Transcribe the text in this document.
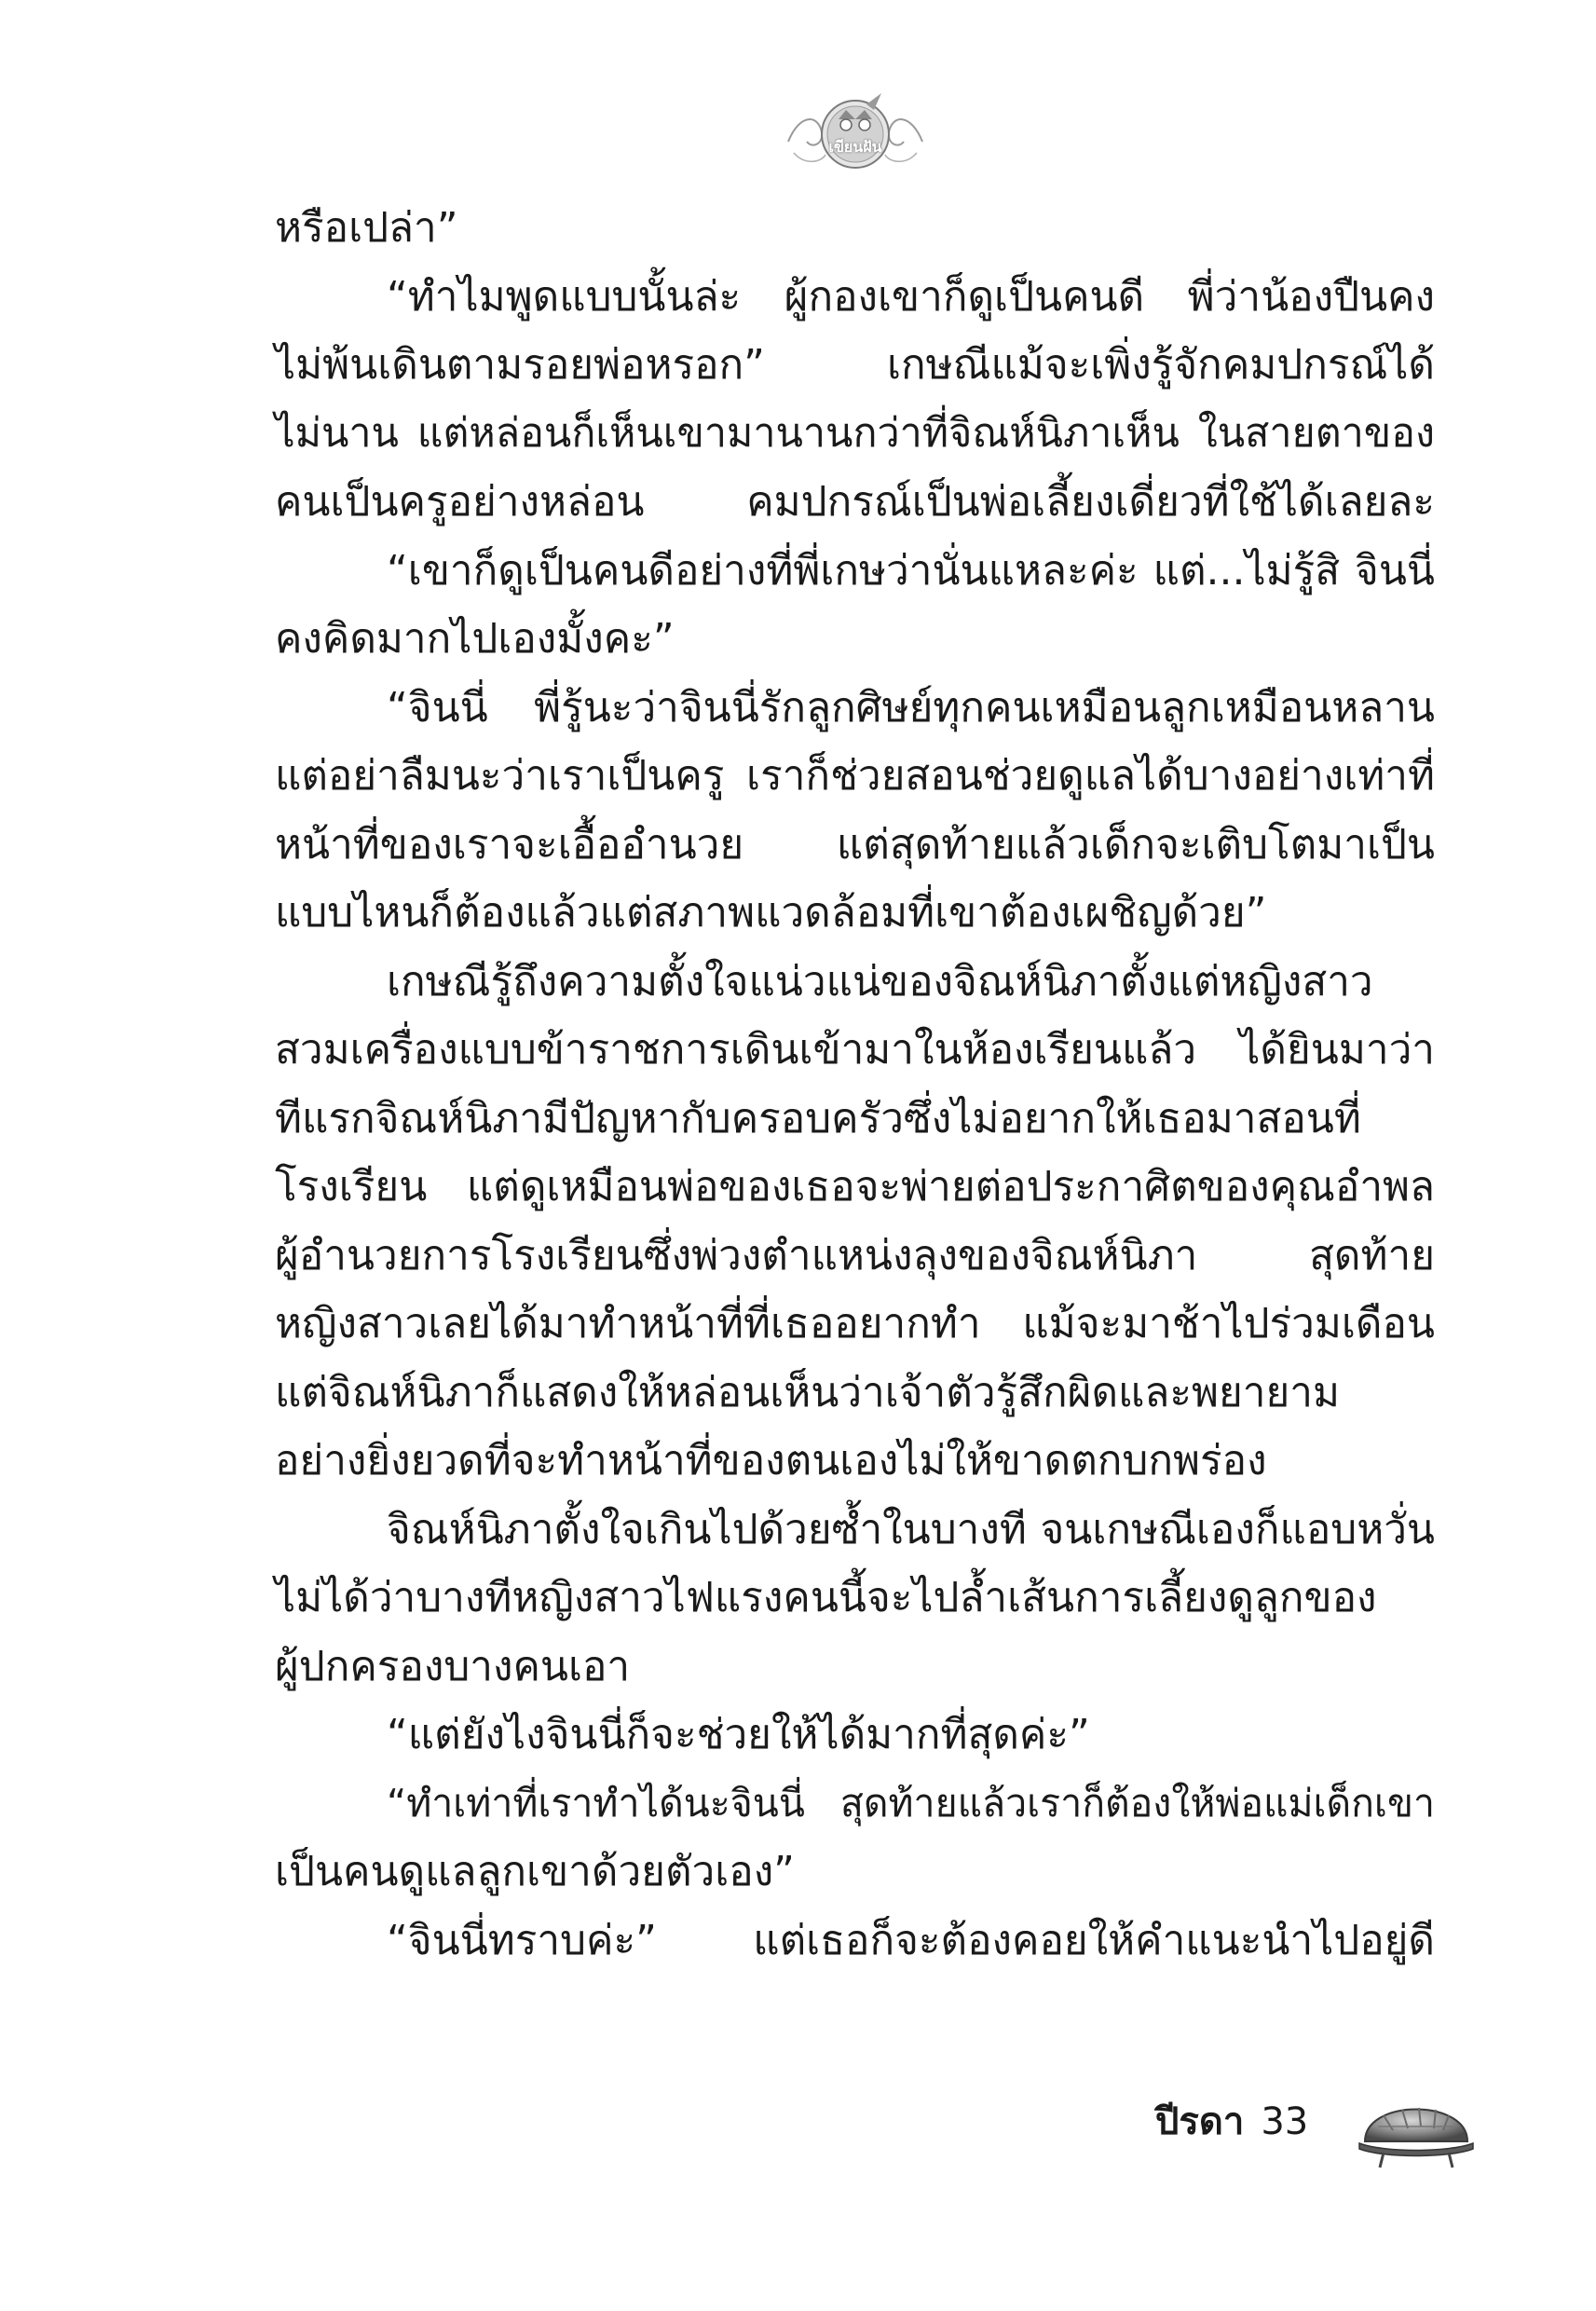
เขียนฝัน
หรือเปล่า”
“ทำไมพูดแบบนั้นล่ะ ผู้กองเขาก็ดูเป็นคนดี พี่ว่าน้องปืนคง
ไม่พ้นเดินตามรอยพ่อหรอก” เกษณีแม้จะเพิ่งรู้จักคมปกรณ์ได้
ไม่นาน แต่หล่อนก็เห็นเขามานานกว่าที่จิณห์นิภาเห็น ในสายตาของ
คนเป็นครูอย่างหล่อน คมปกรณ์เป็นพ่อเลี้ยงเดี่ยวที่ใช้ได้เลยละ
“เขาก็ดูเป็นคนดีอย่างที่พี่เกษว่านั่นแหละค่ะ แต่...ไม่รู้สิ จินนี่
คงคิดมากไปเองมั้งคะ”
“จินนี่ พี่รู้นะว่าจินนี่รักลูกศิษย์ทุกคนเหมือนลูกเหมือนหลาน
แต่อย่าลืมนะว่าเราเป็นครู เราก็ช่วยสอนช่วยดูแลได้บางอย่างเท่าที่
หน้าที่ของเราจะเอื้ออำนวย แต่สุดท้ายแล้วเด็กจะเติบโตมาเป็น
แบบไหนก็ต้องแล้วแต่สภาพแวดล้อมที่เขาต้องเผชิญด้วย”
เกษณีรู้ถึงความตั้งใจแน่วแน่ของจิณห์นิภาตั้งแต่หญิงสาว
สวมเครื่องแบบข้าราชการเดินเข้ามาในห้องเรียนแล้ว ได้ยินมาว่า
ทีแรกจิณห์นิภามีปัญหากับครอบครัวซึ่งไม่อยากให้เธอมาสอนที่
โรงเรียน แต่ดูเหมือนพ่อของเธอจะพ่ายต่อประกาศิตของคุณอำพล
ผู้อำนวยการโรงเรียนซึ่งพ่วงตำแหน่งลุงของจิณห์นิภา สุดท้าย
หญิงสาวเลยได้มาทำหน้าที่ที่เธออยากทำ แม้จะมาช้าไปร่วมเดือน
แต่จิณห์นิภาก็แสดงให้หล่อนเห็นว่าเจ้าตัวรู้สึกผิดและพยายาม
อย่างยิ่งยวดที่จะทำหน้าที่ของตนเองไม่ให้ขาดตกบกพร่อง
จิณห์นิภาตั้งใจเกินไปด้วยซ้ำในบางที จนเกษณีเองก็แอบหวั่น
ไม่ได้ว่าบางทีหญิงสาวไฟแรงคนนี้จะไปล้ำเส้นการเลี้ยงดูลูกของ
ผู้ปกครองบางคนเอา
“แต่ยังไงจินนี่ก็จะช่วยให้ได้มากที่สุดค่ะ”
“ทำเท่าที่เราทำได้นะจินนี่ สุดท้ายแล้วเราก็ต้องให้พ่อแม่เด็กเขา
เป็นคนดูแลลูกเขาด้วยตัวเอง”
“จินนี่ทราบค่ะ” แต่เธอก็จะต้องคอยให้คำแนะนำไปอยู่ดี
ปีรดา 33
